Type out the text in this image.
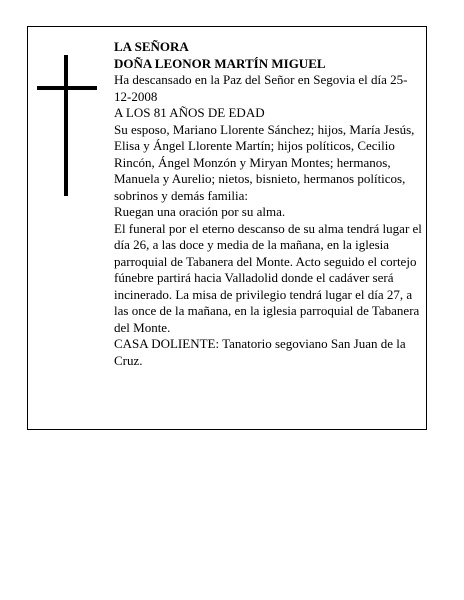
LA SEÑORA

DOÑA LEONOR MARTÍN MIGUEL

Ha descansado en la Paz del Señor en Segovia el día 25-12-2008

A LOS 81 AÑOS DE EDAD

Su esposo, Mariano Llorente Sánchez; hijos, María Jesús, Elisa y Ángel Llorente Martín; hijos políticos, Cecilio Rincón, Ángel Monzón y Miryan Montes; hermanos, Manuela y Aurelio; nietos, bisnieto, hermanos políticos, sobrinos y demás familia:

Ruegan una oración por su alma.

El funeral por el eterno descanso de su alma tendrá lugar el día 26, a las doce y media de la mañana, en la iglesia parroquial de Tabanera del Monte. Acto seguido el cortejo fúnebre partirá hacia Valladolid donde el cadáver será incinerado. La misa de privilegio tendrá lugar el día 27, a las once de la mañana, en la iglesia parroquial de Tabanera del Monte.

CASA DOLIENTE: Tanatorio segoviano San Juan de la Cruz.
